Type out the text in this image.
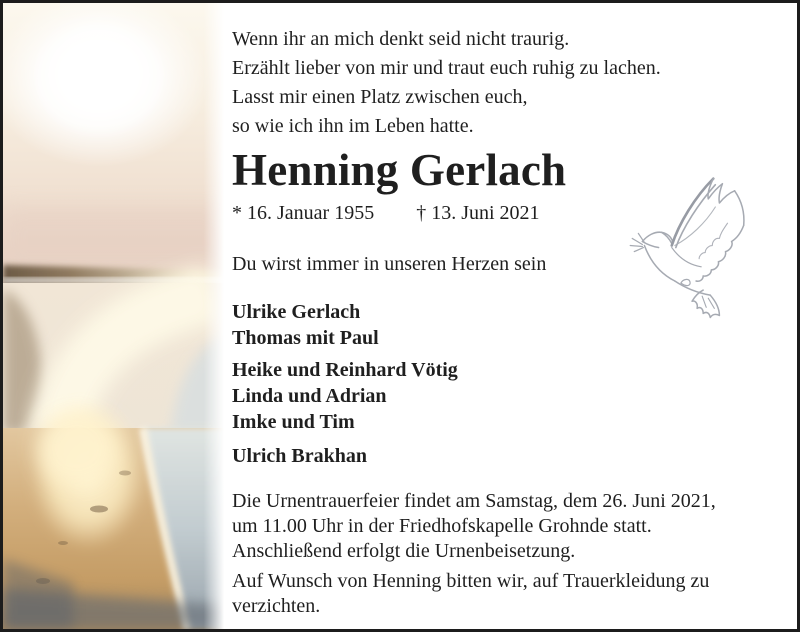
Wenn ihr an mich denkt seid nicht traurig.
Erzählt lieber von mir und traut euch ruhig zu lachen.
Lasst mir einen Platz zwischen euch,
so wie ich ihn im Leben hatte.
Henning Gerlach
* 16. Januar 1955 † 13. Juni 2021
Du wirst immer in unseren Herzen sein
Ulrike Gerlach
Thomas mit Paul
Heike und Reinhard Vötig
Linda und Adrian
Imke und Tim
Ulrich Brakhan
Die Urnentrauerfeier findet am Samstag, dem 26. Juni 2021,
um 11.00 Uhr in der Friedhofskapelle Grohnde statt.
Anschließend erfolgt die Urnenbeisetzung.
Auf Wunsch von Henning bitten wir, auf Trauerkleidung zu
verzichten.
